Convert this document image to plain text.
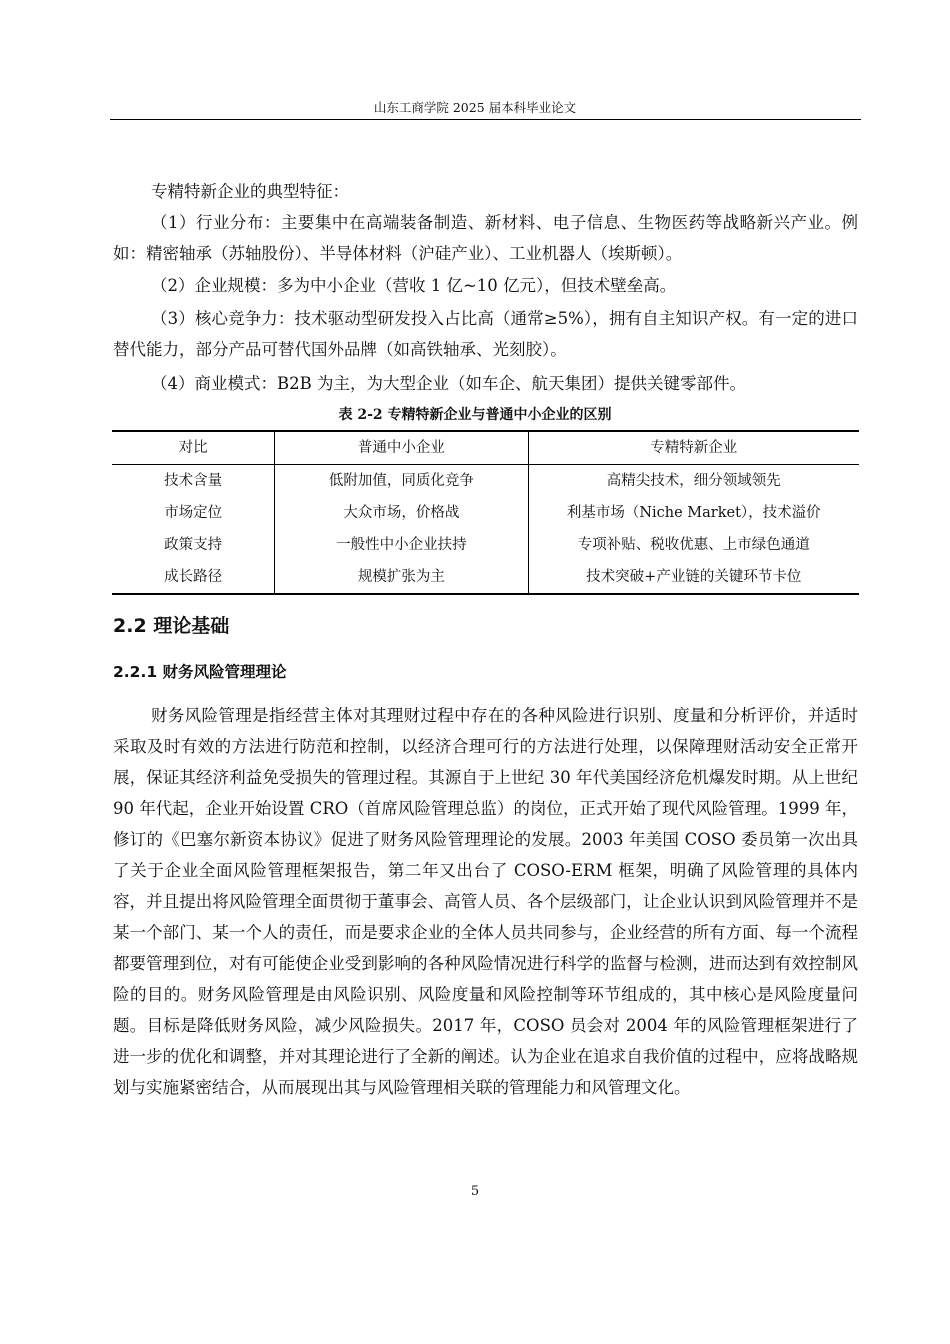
山东工商学院 2025 届本科毕业论文

专精特新企业的典型特征：

（1）行业分布：主要集中在高端装备制造、新材料、电子信息、生物医药等战略新兴产业。例如：精密轴承（苏轴股份）、半导体材料（沪硅产业）、工业机器人（埃斯顿）。

（2）企业规模：多为中小企业（营收 1 亿~10 亿元），但技术壁垒高。

（3）核心竞争力：技术驱动型研发投入占比高（通常≥5%），拥有自主知识产权。有一定的进口替代能力，部分产品可替代国外品牌（如高铁轴承、光刻胶）。

（4）商业模式：B2B 为主，为大型企业（如车企、航天集团）提供关键零部件。

表 2-2 专精特新企业与普通中小企业的区别
对比	普通中小企业	专精特新企业
技术含量	低附加值，同质化竞争	高精尖技术，细分领域领先
市场定位	大众市场，价格战	利基市场（Niche Market），技术溢价
政策支持	一般性中小企业扶持	专项补贴、税收优惠、上市绿色通道
成长路径	规模扩张为主	技术突破+产业链的关键环节卡位
2.2 理论基础
2.2.1 财务风险管理理论

财务风险管理是指经营主体对其理财过程中存在的各种风险进行识别、度量和分析评价，并适时采取及时有效的方法进行防范和控制，以经济合理可行的方法进行处理，以保障理财活动安全正常开展，保证其经济利益免受损失的管理过程。其源自于上世纪 30 年代美国经济危机爆发时期。从上世纪 90 年代起，企业开始设置 CRO（首席风险管理总监）的岗位，正式开始了现代风险管理。1999 年，修订的《巴塞尔新资本协议》促进了财务风险管理理论的发展。2003 年美国 COSO 委员第一次出具了关于企业全面风险管理框架报告，第二年又出台了 COSO-ERM 框架，明确了风险管理的具体内容，并且提出将风险管理全面贯彻于董事会、高管人员、各个层级部门，让企业认识到风险管理并不是某一个部门、某一个人的责任，而是要求企业的全体人员共同参与，企业经营的所有方面、每一个流程都要管理到位，对有可能使企业受到影响的各种风险情况进行科学的监督与检测，进而达到有效控制风险的目的。财务风险管理是由风险识别、风险度量和风险控制等环节组成的，其中核心是风险度量问题。目标是降低财务风险，减少风险损失。2017 年，COSO 员会对 2004 年的风险管理框架进行了进一步的优化和调整，并对其理论进行了全新的阐述。认为企业在追求自我价值的过程中，应将战略规划与实施紧密结合，从而展现出其与风险管理相关联的管理能力和风管理文化。

5
